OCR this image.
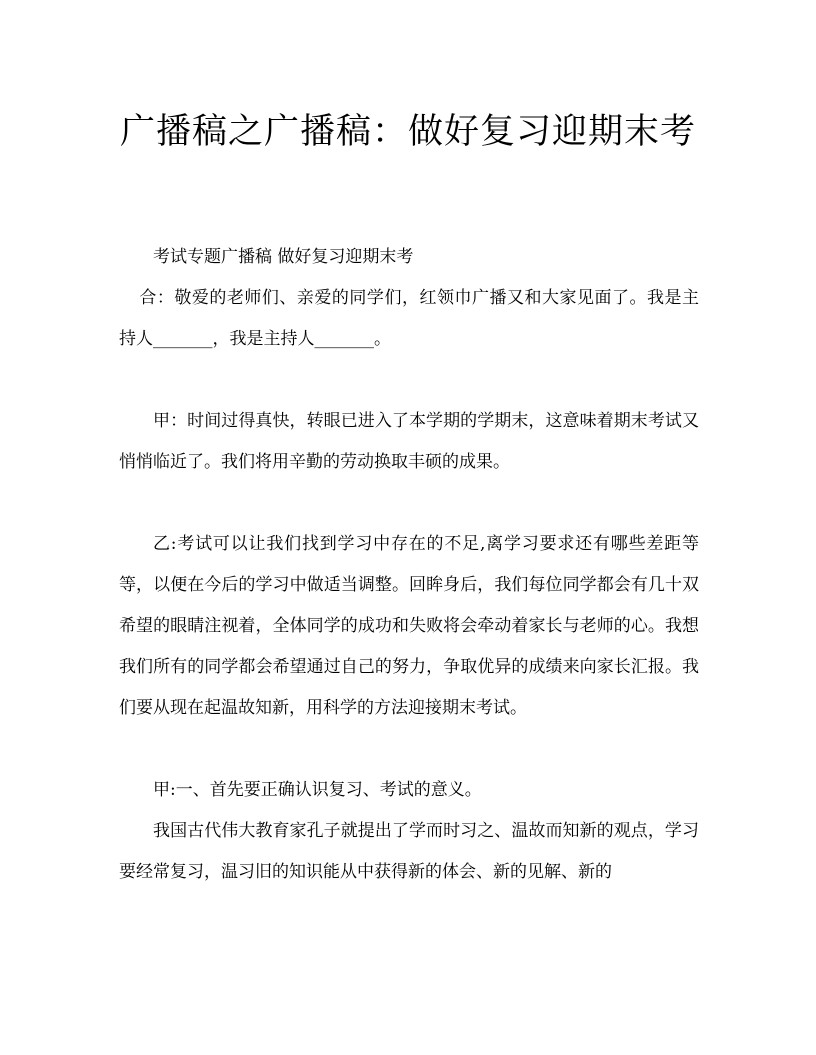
广播稿之广播稿：做好复习迎期末考

考试专题广播稿 做好复习迎期末考

合：敬爱的老师们、亲爱的同学们，红领巾广播又和大家见面了。我是主持人_______，我是主持人_______。

甲：时间过得真快，转眼已进入了本学期的学期末，这意味着期末考试又悄悄临近了。我们将用辛勤的劳动换取丰硕的成果。

乙:考试可以让我们找到学习中存在的不足,离学习要求还有哪些差距等等，以便在今后的学习中做适当调整。回眸身后，我们每位同学都会有几十双希望的眼睛注视着，全体同学的成功和失败将会牵动着家长与老师的心。我想我们所有的同学都会希望通过自己的努力，争取优异的成绩来向家长汇报。我们要从现在起温故知新，用科学的方法迎接期末考试。

甲:一、首先要正确认识复习、考试的意义。

我国古代伟大教育家孔子就提出了学而时习之、温故而知新的观点，学习要经常复习，温习旧的知识能从中获得新的体会、新的见解、新的
